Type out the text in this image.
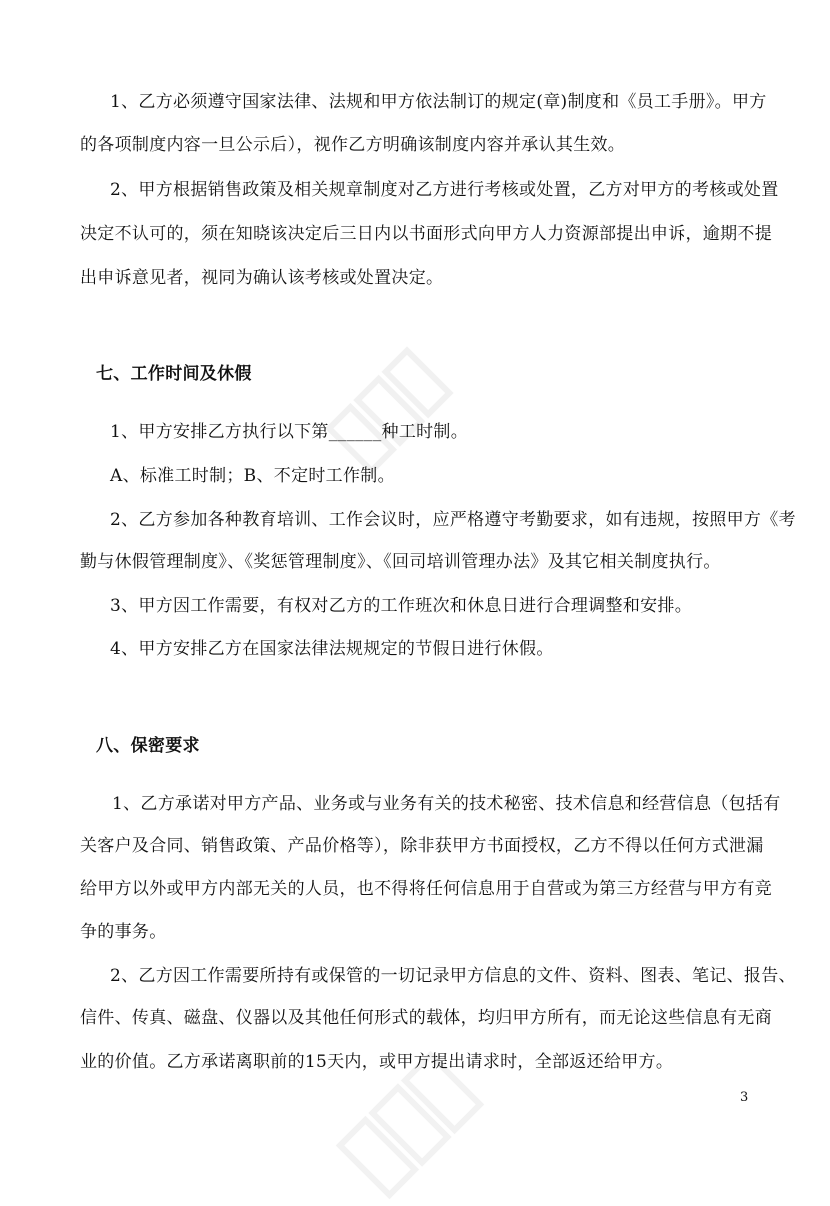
1、乙方必须遵守国家法律、法规和甲方依法制订的规定(章)制度和《员工手册》。甲方
的各项制度内容一旦公示后），视作乙方明确该制度内容并承认其生效。
2、甲方根据销售政策及相关规章制度对乙方进行考核或处置，乙方对甲方的考核或处置
决定不认可的，须在知晓该决定后三日内以书面形式向甲方人力资源部提出申诉，逾期不提
出申诉意见者，视同为确认该考核或处置决定。
七、工作时间及休假
1、甲方安排乙方执行以下第______种工时制。
A、标准工时制；B、不定时工作制。
2、乙方参加各种教育培训、工作会议时，应严格遵守考勤要求，如有违规，按照甲方《考
勤与休假管理制度》、《奖惩管理制度》、《回司培训管理办法》及其它相关制度执行。
3、甲方因工作需要，有权对乙方的工作班次和休息日进行合理调整和安排。
4、甲方安排乙方在国家法律法规规定的节假日进行休假。
八、保密要求
1、乙方承诺对甲方产品、业务或与业务有关的技术秘密、技术信息和经营信息（包括有
关客户及合同、销售政策、产品价格等），除非获甲方书面授权，乙方不得以任何方式泄漏
给甲方以外或甲方内部无关的人员，也不得将任何信息用于自营或为第三方经营与甲方有竞
争的事务。
2、乙方因工作需要所持有或保管的一切记录甲方信息的文件、资料、图表、笔记、报告、
信件、传真、磁盘、仪器以及其他任何形式的载体，均归甲方所有，而无论这些信息有无商
业的价值。乙方承诺离职前的15天内，或甲方提出请求时，全部返还给甲方。
3
